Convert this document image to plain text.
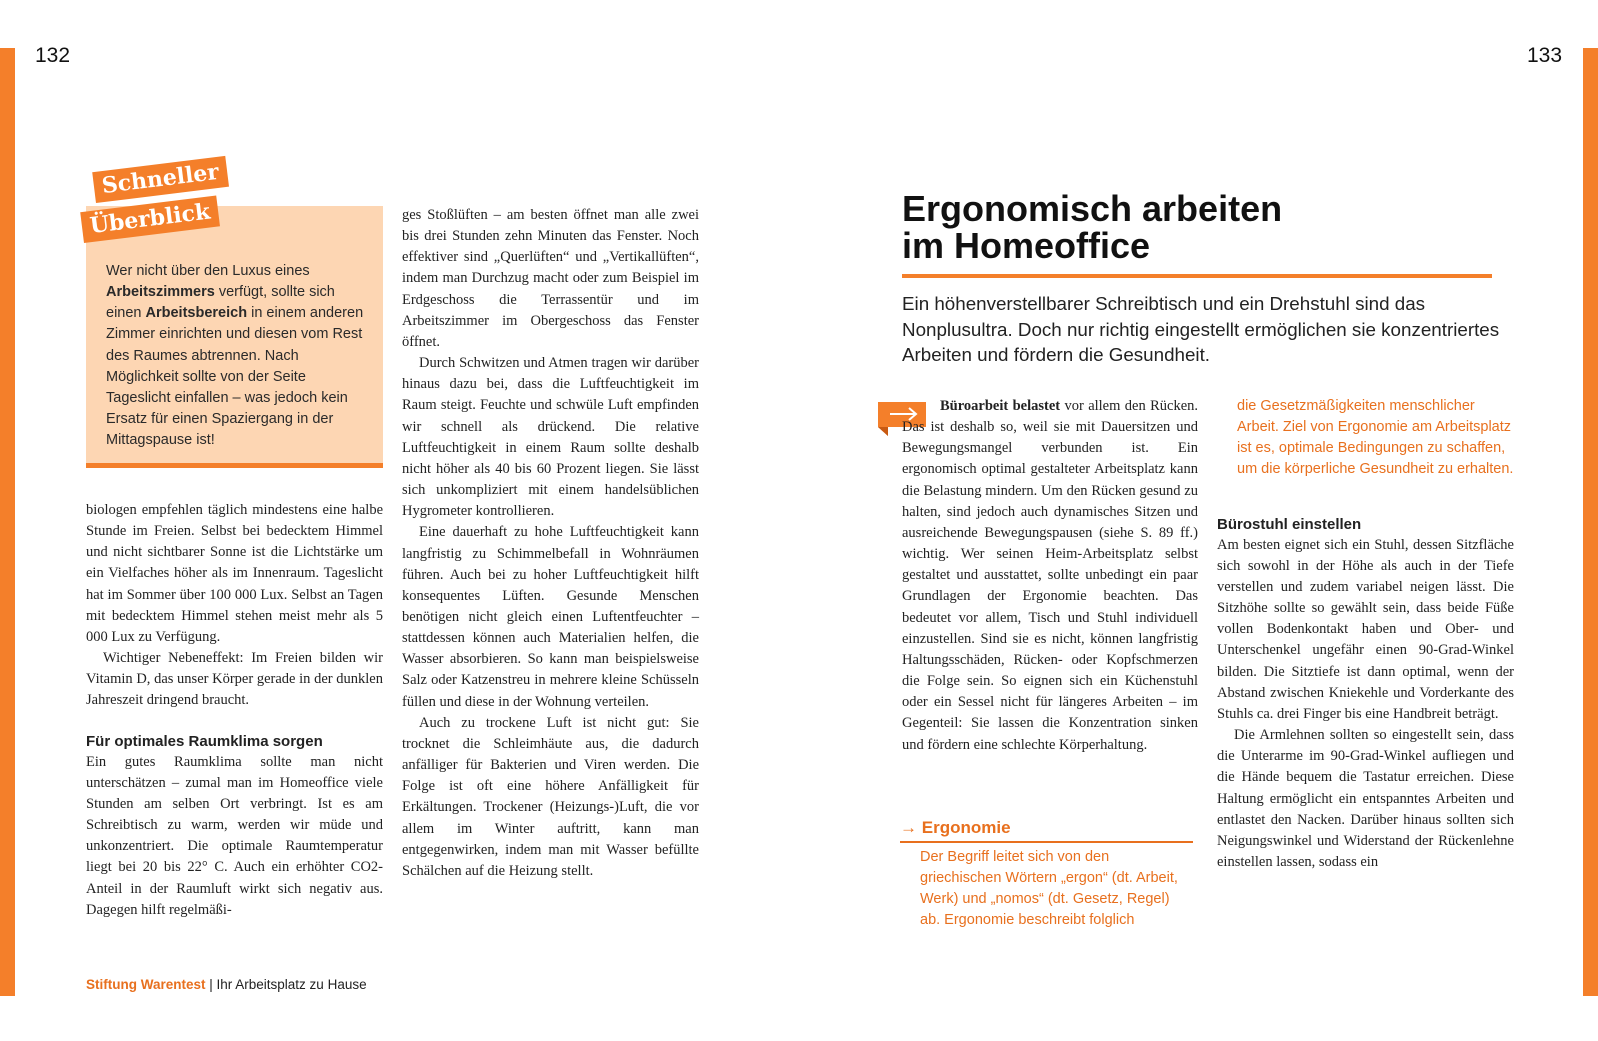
132	133
Wer nicht über den Luxus eines Arbeitszimmers verfügt, sollte sich einen Arbeitsbereich in einem anderen Zimmer einrichten und diesen vom Rest des Raumes abtrennen. Nach Möglichkeit sollte von der Seite Tageslicht einfallen – was jedoch kein Ersatz für einen Spaziergang in der Mittagspause ist!
Schneller
Überblick

biologen empfehlen täglich mindestens eine halbe Stunde im Freien. Selbst bei bedecktem Himmel und nicht sichtbarer Sonne ist die Lichtstärke um ein Vielfaches höher als im Innenraum. Tageslicht hat im Sommer über 100 000 Lux. Selbst an Tagen mit bedecktem Himmel stehen meist mehr als 5 000 Lux zu Verfügung.

Wichtiger Nebeneffekt: Im Freien bilden wir Vitamin D, das unser Körper gerade in der dunklen Jahreszeit dringend braucht.

Für optimales Raumklima sorgen

Ein gutes Raumklima sollte man nicht unterschätzen – zumal man im Homeoffice viele Stunden am selben Ort verbringt. Ist es am Schreibtisch zu warm, werden wir müde und unkonzentriert. Die optimale Raumtemperatur liegt bei 20 bis 22° C. Auch ein erhöhter CO2-Anteil in der Raumluft wirkt sich negativ aus. Dagegen hilft regelmäßi-

ges Stoßlüften – am besten öffnet man alle zwei bis drei Stunden zehn Minuten das Fenster. Noch effektiver sind „Querlüften“ und „Vertikallüften“, indem man Durchzug macht oder zum Beispiel im Erdgeschoss die Terrassentür und im Arbeitszimmer im Obergeschoss das Fenster öffnet.

Durch Schwitzen und Atmen tragen wir darüber hinaus dazu bei, dass die Luftfeuchtigkeit im Raum steigt. Feuchte und schwüle Luft empfinden wir schnell als drückend. Die relative Luftfeuchtigkeit in einem Raum sollte deshalb nicht höher als 40 bis 60 Prozent liegen. Sie lässt sich unkompliziert mit einem handelsüblichen Hygrometer kontrollieren.

Eine dauerhaft zu hohe Luftfeuchtigkeit kann langfristig zu Schimmelbefall in Wohnräumen führen. Auch bei zu hoher Luftfeuchtigkeit hilft konsequentes Lüften. Gesunde Menschen benötigen nicht gleich einen Luftentfeuchter – stattdessen können auch Materialien helfen, die Wasser absorbieren. So kann man beispielsweise Salz oder Katzenstreu in mehrere kleine Schüsseln füllen und diese in der Wohnung verteilen.

Auch zu trockene Luft ist nicht gut: Sie trocknet die Schleimhäute aus, die dadurch anfälliger für Bakterien und Viren werden. Die Folge ist oft eine höhere Anfälligkeit für Erkältungen. Trockener (Heizungs-)Luft, die vor allem im Winter auftritt, kann man entgegenwirken, indem man mit Wasser befüllte Schälchen auf die Heizung stellt.

Ergonomisch arbeiten
im Homeoffice

Ein höhenverstellbarer Schreibtisch und ein Drehstuhl sind das Nonplusultra. Doch nur richtig eingestellt ermöglichen sie konzentriertes Arbeiten und fördern die Gesundheit.

Büroarbeit belastet vor allem den Rücken. Das ist deshalb so, weil sie mit Dauersitzen und Bewegungsmangel verbunden ist. Ein ergonomisch optimal gestalteter Arbeitsplatz kann die Belastung mindern. Um den Rücken gesund zu halten, sind jedoch auch dynamisches Sitzen und ausreichende Bewegungspausen (siehe S. 89 ff.) wichtig. Wer seinen Heim-Arbeitsplatz selbst gestaltet und ausstattet, sollte unbedingt ein paar Grundlagen der Ergonomie beachten. Das bedeutet vor allem, Tisch und Stuhl individuell einzustellen. Sind sie es nicht, können langfristig Haltungsschäden, Rücken- oder Kopfschmerzen die Folge sein. So eignen sich ein Küchenstuhl oder ein Sessel nicht für längeres Arbeiten – im Gegenteil: Sie lassen die Konzentration sinken und fördern eine schlechte Körperhaltung.

→ Ergonomie
Der Begriff leitet sich von den griechischen Wörtern „ergon“ (dt. Arbeit, Werk) und „nomos“ (dt. Gesetz, Regel) ab. Ergonomie beschreibt folglich
die Gesetzmäßigkeiten menschlicher Arbeit. Ziel von Ergonomie am Arbeitsplatz ist es, optimale Bedingungen zu schaffen, um die körperliche Gesundheit zu erhalten.
Bürostuhl einstellen

Am besten eignet sich ein Stuhl, dessen Sitzfläche sich sowohl in der Höhe als auch in der Tiefe verstellen und zudem variabel neigen lässt. Die Sitzhöhe sollte so gewählt sein, dass beide Füße vollen Bodenkontakt haben und Ober- und Unterschenkel ungefähr einen 90-Grad-Winkel bilden. Die Sitztiefe ist dann optimal, wenn der Abstand zwischen Kniekehle und Vorderkante des Stuhls ca. drei Finger bis eine Handbreit beträgt.

Die Armlehnen sollten so eingestellt sein, dass die Unterarme im 90-Grad-Winkel aufliegen und die Hände bequem die Tastatur erreichen. Diese Haltung ermöglicht ein entspanntes Arbeiten und entlastet den Nacken. Darüber hinaus sollten sich Neigungswinkel und Widerstand der Rückenlehne einstellen lassen, sodass ein

Stiftung Warentest | Ihr Arbeitsplatz zu Hause
